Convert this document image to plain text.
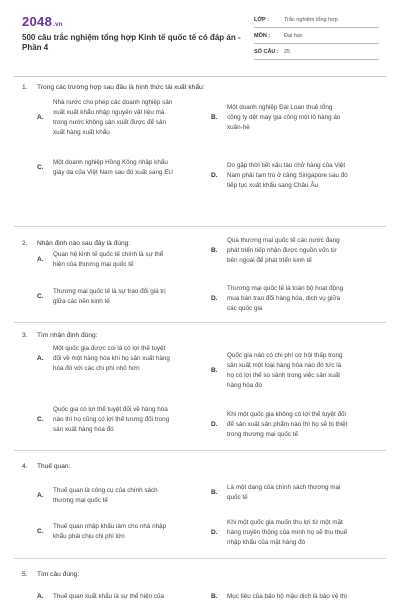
2048.vn
500 câu trắc nghiệm tổng hợp Kinh tế quốc tế có đáp án - Phần 4
LỚP :	Trắc nghiệm tổng hợp
MÔN :	Đại học
SỐ CÂU : 25
1. Trong các trường hợp sau đâu là hình thức tái xuất khẩu:
A.
Nhà nước cho phép các doanh nghiệp sản
xuất xuất khẩu nhập nguyên vật liệu mà
trong nước không sản xuất được để sản
xuất hàng xuất khẩu
B.
Một doanh nghiệp Đài Loan thuê tổng
công ty dệt may gia công một lô hàng áo
xuân-hè
C.
Một doanh nghiệp Hồng Kông nhập khẩu
giày da của Việt Nam sau đó xuất sang EU	D.
Do gặp thời tiết xấu tàu chở hàng của Việt
Nam phải tạm trú ở cảng Singapore sau đó
tiếp tục xuất khẩu sang Châu Âu
2. Nhận định nào sau đây là đúng:
A.
Quan hệ kinh tế quốc tế chính là sự thể
hiện của thương mại quốc tế
B.
Qua thương mại quốc tế các nước đang
phát triển tiếp nhận được nguồn vốn từ
bên ngoài để phát triển kinh tế
C.
Thương mại quốc tế là sự trao đổi giá trị
giữa các nền kinh tế	D.
Thương mại quốc tế là toàn bộ hoạt động
mua bán trao đổi hàng hóa, dịch vụ giữa
các quốc gia
3. Tìm nhận định đúng:
A.
Một quốc gia được coi là có lợi thế tuyệt
đối về một hàng hóa khi họ sản xuất hàng
hóa đó với các chi phí nhỏ hơn	B.
Quốc gia nào có chi phí cơ hội thấp trong
sản xuất một loại hàng hóa nào đó tức là
họ có lợi thế so sánh trong việc sản xuất
hàng hóa đó
C.
Quốc gia có lợi thế tuyệt đối về hàng hóa
nào thì họ cũng có lợi thế tương đối trong
sản xuất hàng hóa đó
D.
Khi một quốc gia không có lợi thế tuyệt đối
để sản xuất sản phẩm nào thì họ sẽ bị thiệt
trong thương mại quốc tế
4. Thuế quan:
A.
Thuế quan là công cụ của chính sách
thương mại quốc tế
B.
Là một dạng của chính sách thương mại
quốc tế
C.
Thuế quan nhập khẩu làm cho nhà nhập
khẩu phải chịu chi phí lớn
D.
Khi một quốc gia muốn thu lợi từ một mặt
hàng truyền thống của mình họ sẽ thu thuế
nhập khẩu của mặt hàng đó
5. Tìm câu đúng:
A. Thuế quan xuất khẩu là sự thể hiện của	B. Mục tiêu của bảo hộ mậu dịch là bảo vệ thị
